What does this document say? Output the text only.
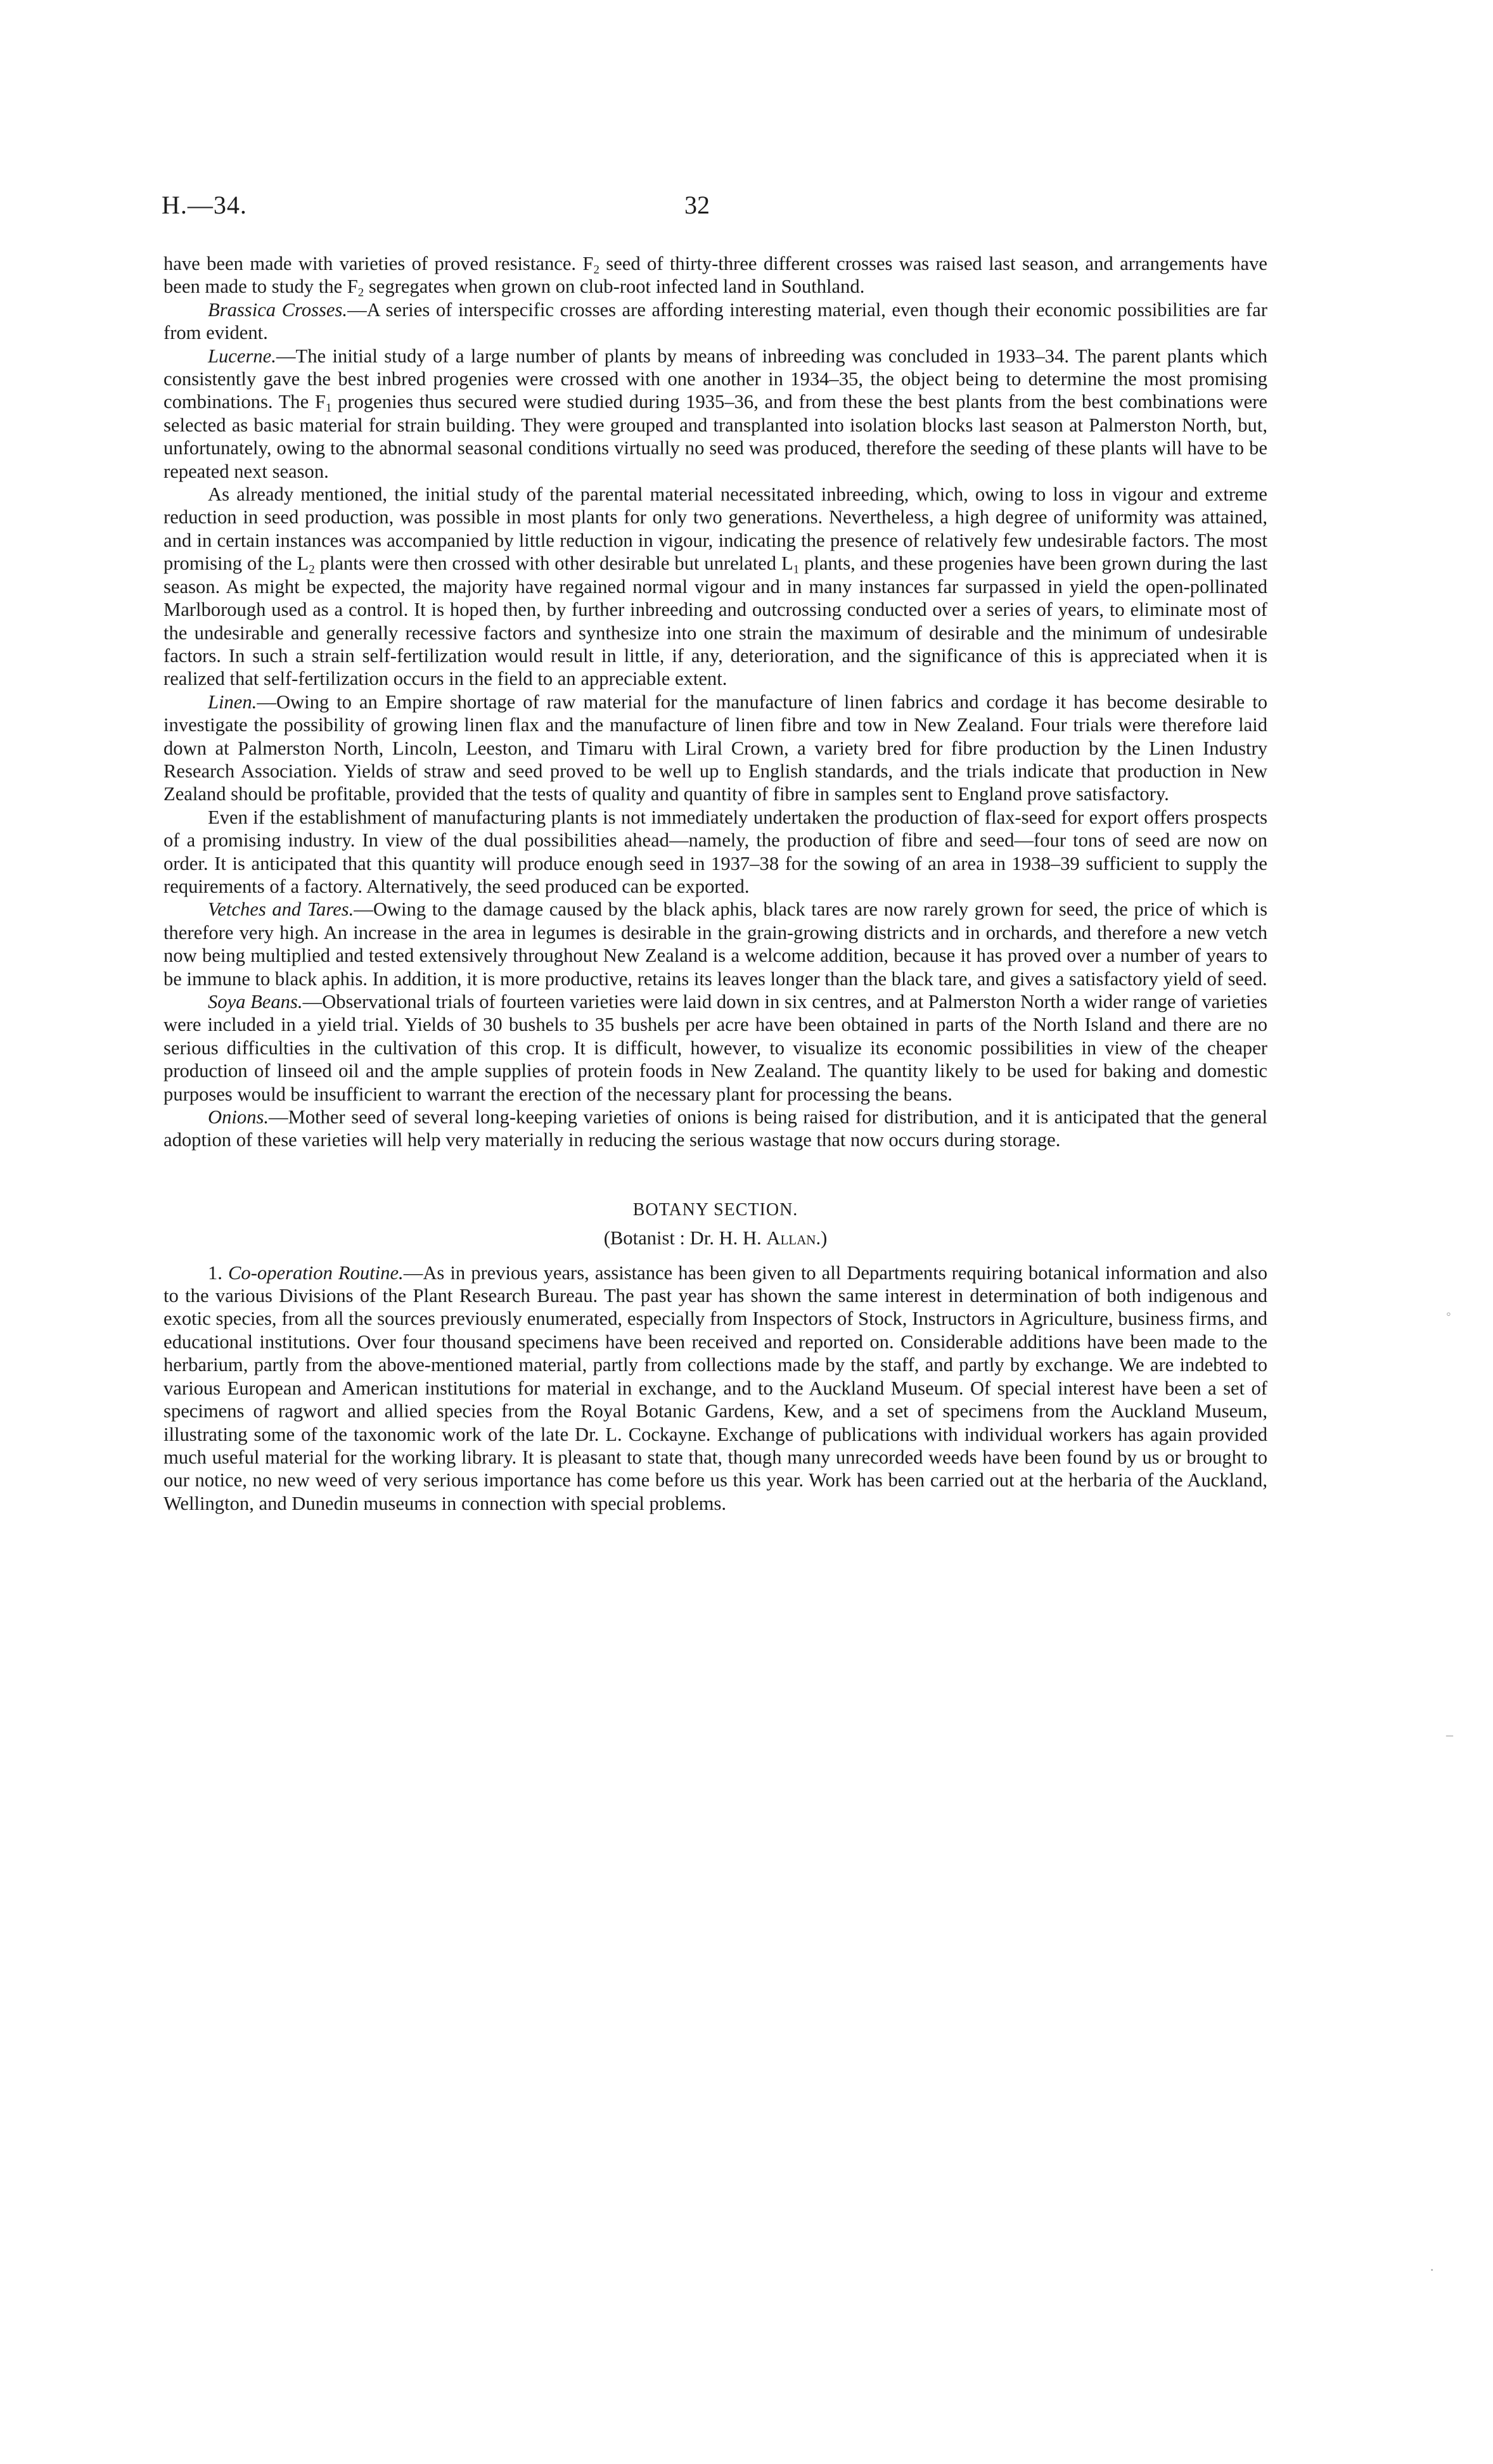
H.—34.	32

have been made with varieties of proved resistance. $F_2$ seed of thirty-three different crosses was raised last season, and arrangements have been made to study the $F_2$ segregates when grown on club-root infected land in Southland.

Brassica Crosses.—A series of interspecific crosses are affording interesting material, even though their economic possibilities are far from evident.

Lucerne.—The initial study of a large number of plants by means of inbreeding was concluded in 1933–34. The parent plants which consistently gave the best inbred progenies were crossed with one another in 1934–35, the object being to determine the most promising combinations. The $F_1$ progenies thus secured were studied during 1935–36, and from these the best plants from the best combinations were selected as basic material for strain building. They were grouped and transplanted into isolation blocks last season at Palmerston North, but, unfortunately, owing to the abnormal seasonal conditions virtually no seed was produced, therefore the seeding of these plants will have to be repeated next season.

As already mentioned, the initial study of the parental material necessitated inbreeding, which, owing to loss in vigour and extreme reduction in seed production, was possible in most plants for only two generations. Nevertheless, a high degree of uniformity was attained, and in certain instances was accompanied by little reduction in vigour, indicating the presence of relatively few undesirable factors. The most promising of the $L_2$ plants were then crossed with other desirable but unrelated $L_1$ plants, and these progenies have been grown during the last season. As might be expected, the majority have regained normal vigour and in many instances far surpassed in yield the open-pollinated Marlborough used as a control. It is hoped then, by further inbreeding and outcrossing conducted over a series of years, to eliminate most of the undesirable and generally recessive factors and synthesize into one strain the maximum of desirable and the minimum of undesirable factors. In such a strain self-fertilization would result in little, if any, deterioration, and the significance of this is appreciated when it is realized that self-fertilization occurs in the field to an appreciable extent.

Linen.—Owing to an Empire shortage of raw material for the manufacture of linen fabrics and cordage it has become desirable to investigate the possibility of growing linen flax and the manufacture of linen fibre and tow in New Zealand. Four trials were therefore laid down at Palmerston North, Lincoln, Leeston, and Timaru with Liral Crown, a variety bred for fibre production by the Linen Industry Research Association. Yields of straw and seed proved to be well up to English standards, and the trials indicate that production in New Zealand should be profitable, provided that the tests of quality and quantity of fibre in samples sent to England prove satisfactory.

Even if the establishment of manufacturing plants is not immediately undertaken the production of flax-seed for export offers prospects of a promising industry. In view of the dual possibilities ahead—namely, the production of fibre and seed—four tons of seed are now on order. It is anticipated that this quantity will produce enough seed in 1937–38 for the sowing of an area in 1938–39 sufficient to supply the requirements of a factory. Alternatively, the seed produced can be exported.

Vetches and Tares.—Owing to the damage caused by the black aphis, black tares are now rarely grown for seed, the price of which is therefore very high. An increase in the area in legumes is desirable in the grain-growing districts and in orchards, and therefore a new vetch now being multiplied and tested extensively throughout New Zealand is a welcome addition, because it has proved over a number of years to be immune to black aphis. In addition, it is more productive, retains its leaves longer than the black tare, and gives a satisfactory yield of seed.

Soya Beans.—Observational trials of fourteen varieties were laid down in six centres, and at Palmerston North a wider range of varieties were included in a yield trial. Yields of 30 bushels to 35 bushels per acre have been obtained in parts of the North Island and there are no serious difficulties in the cultivation of this crop. It is difficult, however, to visualize its economic possibilities in view of the cheaper production of linseed oil and the ample supplies of protein foods in New Zealand. The quantity likely to be used for baking and domestic purposes would be insufficient to warrant the erection of the necessary plant for processing the beans.

Onions.—Mother seed of several long-keeping varieties of onions is being raised for distribution, and it is anticipated that the general adoption of these varieties will help very materially in reducing the serious wastage that now occurs during storage.

BOTANY SECTION.

(Botanist : Dr. H. H. Allan.)

1. Co-operation Routine.—As in previous years, assistance has been given to all Departments requiring botanical information and also to the various Divisions of the Plant Research Bureau. The past year has shown the same interest in determination of both indigenous and exotic species, from all the sources previously enumerated, especially from Inspectors of Stock, Instructors in Agriculture, business firms, and educational institutions. Over four thousand specimens have been received and reported on. Considerable additions have been made to the herbarium, partly from the above-mentioned material, partly from collections made by the staff, and partly by exchange. We are indebted to various European and American institutions for material in exchange, and to the Auckland Museum. Of special interest have been a set of specimens of ragwort and allied species from the Royal Botanic Gardens, Kew, and a set of specimens from the Auckland Museum, illustrating some of the taxonomic work of the late Dr. L. Cockayne. Exchange of publications with individual workers has again provided much useful material for the working library. It is pleasant to state that, though many unrecorded weeds have been found by us or brought to our notice, no new weed of very serious importance has come before us this year. Work has been carried out at the herbaria of the Auckland, Wellington, and Dunedin museums in connection with special problems.

◦
–
·
